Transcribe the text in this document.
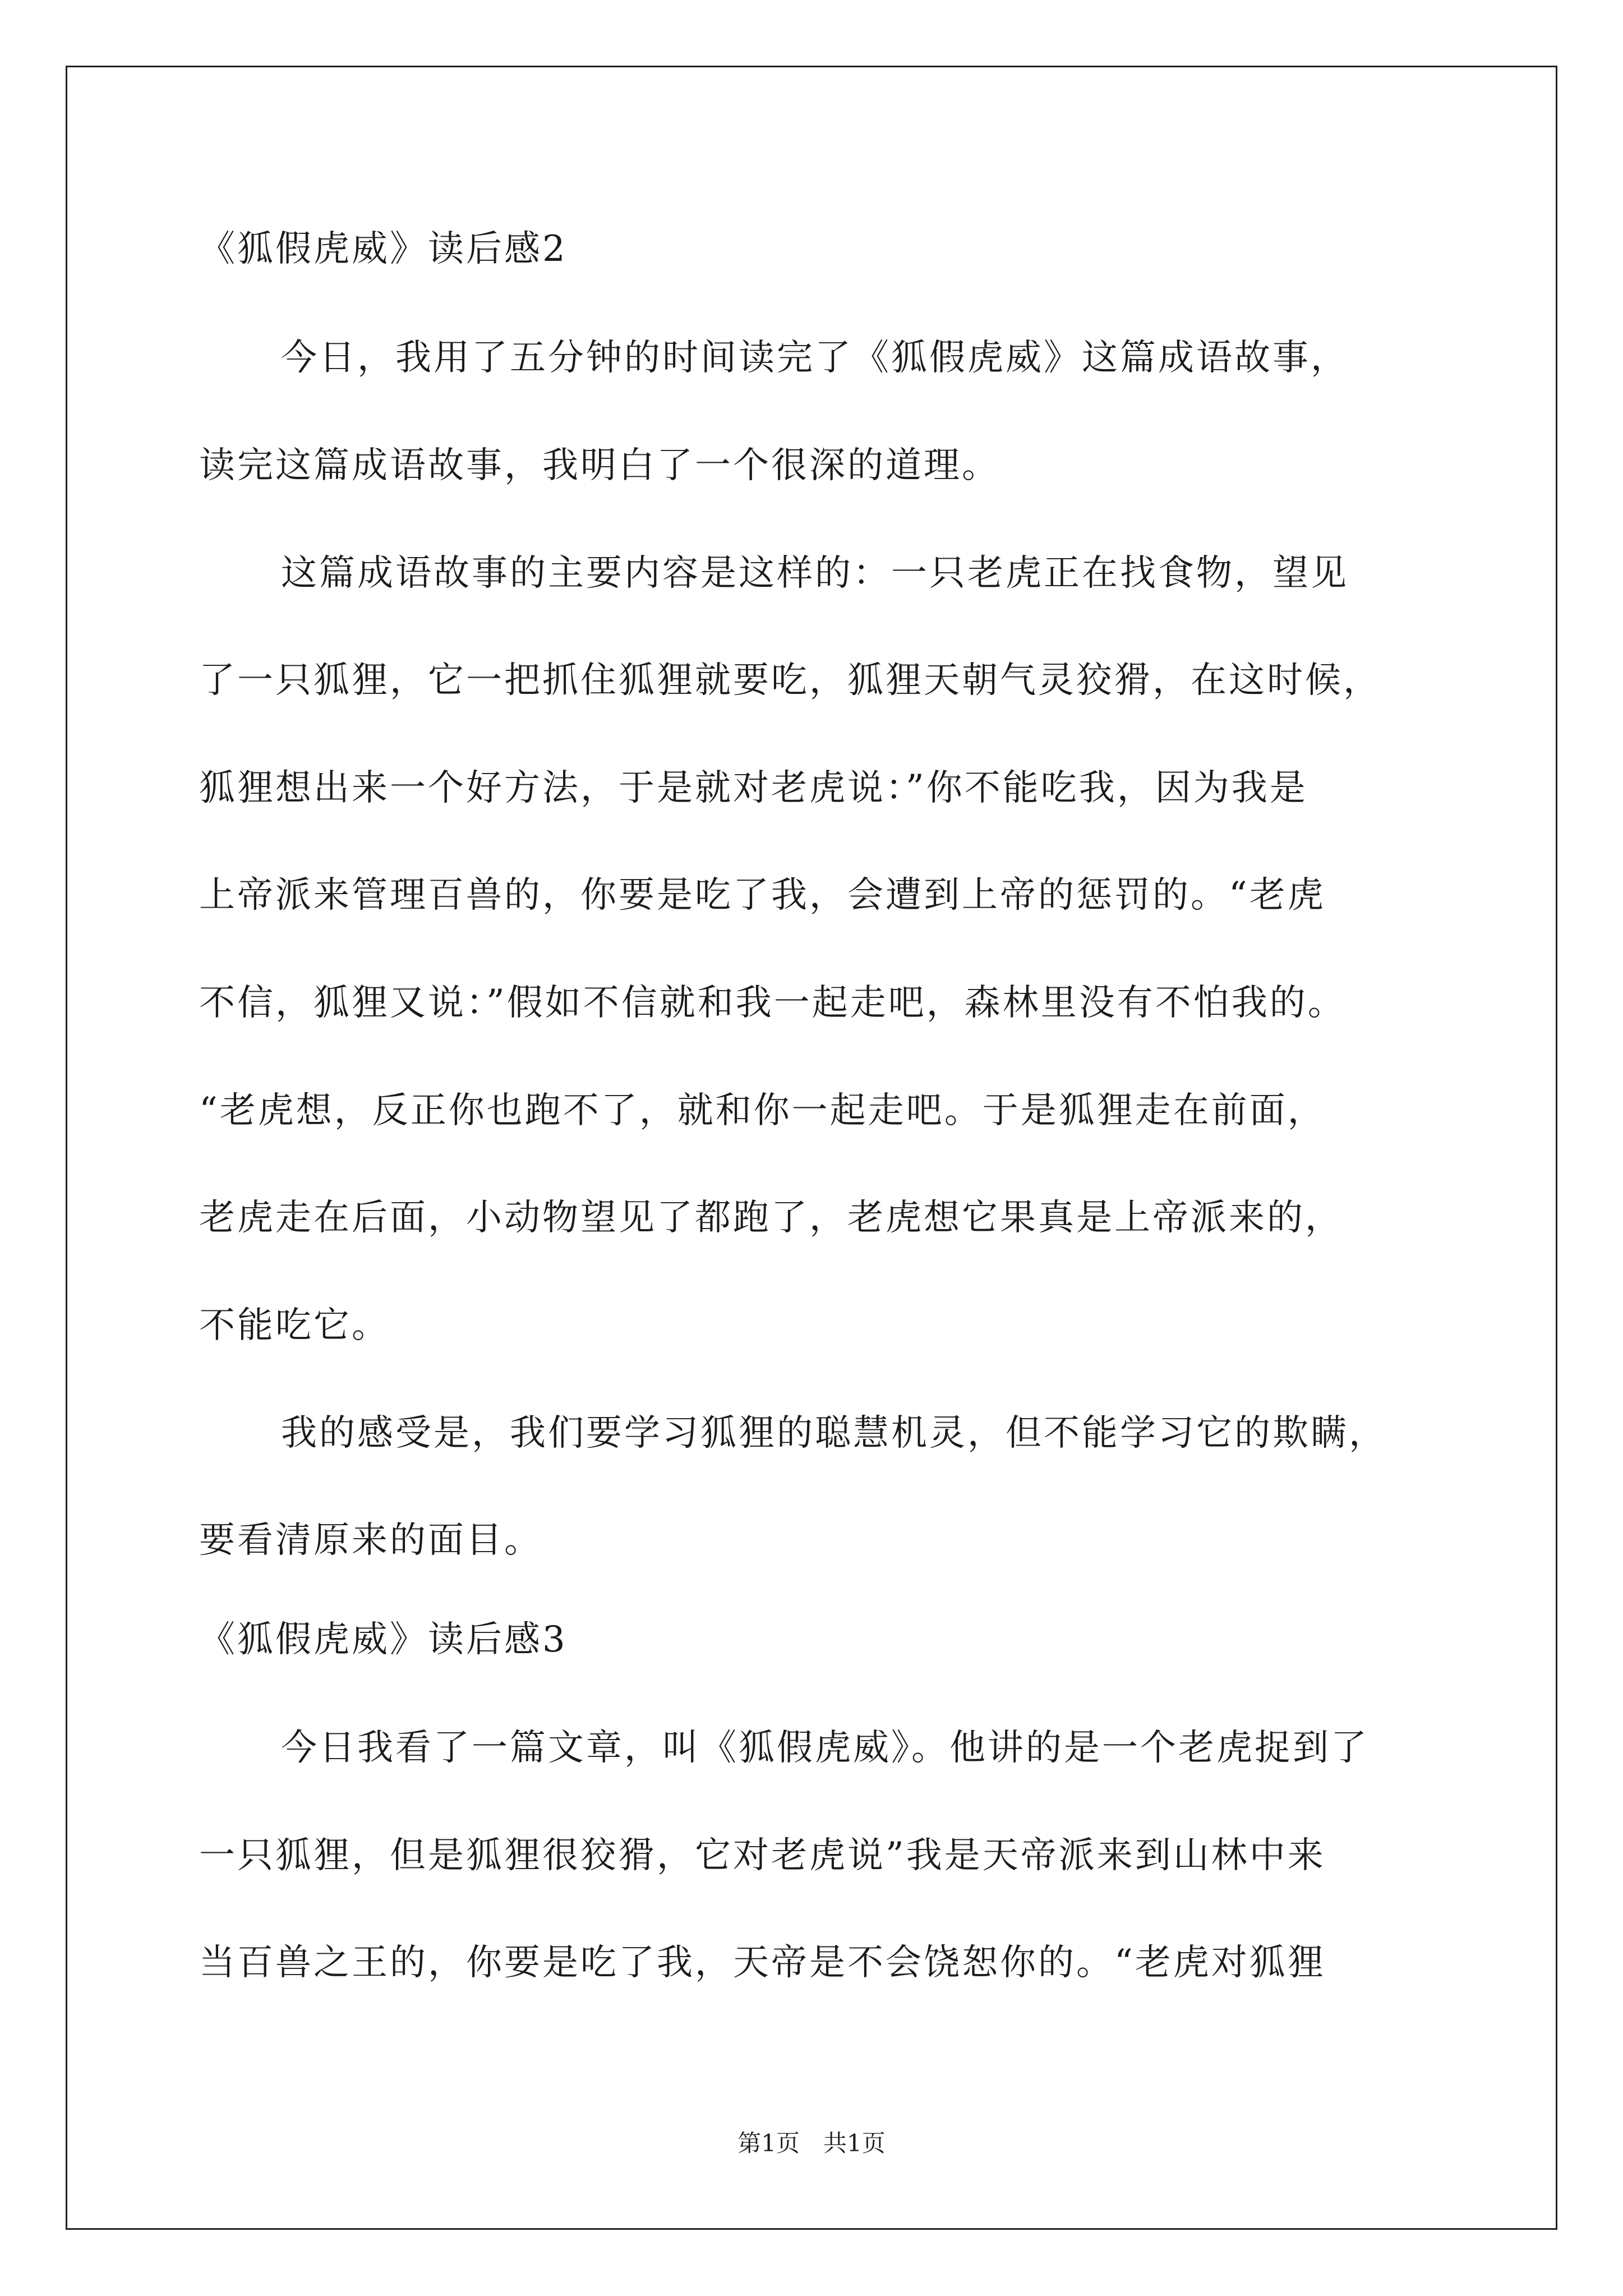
《狐假虎威》读后感2
今日，我用了五分钟的时间读完了《狐假虎威》这篇成语故事，
读完这篇成语故事，我明白了一个很深的道理。
这篇成语故事的主要内容是这样的：一只老虎正在找食物，望见
了一只狐狸，它一把抓住狐狸就要吃，狐狸天朝气灵狡猾，在这时候，
狐狸想出来一个好方法，于是就对老虎说：”你不能吃我，因为我是
上帝派来管理百兽的，你要是吃了我，会遭到上帝的惩罚的。“老虎
不信，狐狸又说：”假如不信就和我一起走吧，森林里没有不怕我的。
“老虎想，反正你也跑不了，就和你一起走吧。于是狐狸走在前面，
老虎走在后面，小动物望见了都跑了，老虎想它果真是上帝派来的，
不能吃它。
我的感受是，我们要学习狐狸的聪慧机灵，但不能学习它的欺瞒，
要看清原来的面目。
《狐假虎威》读后感3
今日我看了一篇文章，叫《狐假虎威》。他讲的是一个老虎捉到了
一只狐狸，但是狐狸很狡猾，它对老虎说”我是天帝派来到山林中来
当百兽之王的，你要是吃了我，天帝是不会饶恕你的。“老虎对狐狸
第1页　共1页
